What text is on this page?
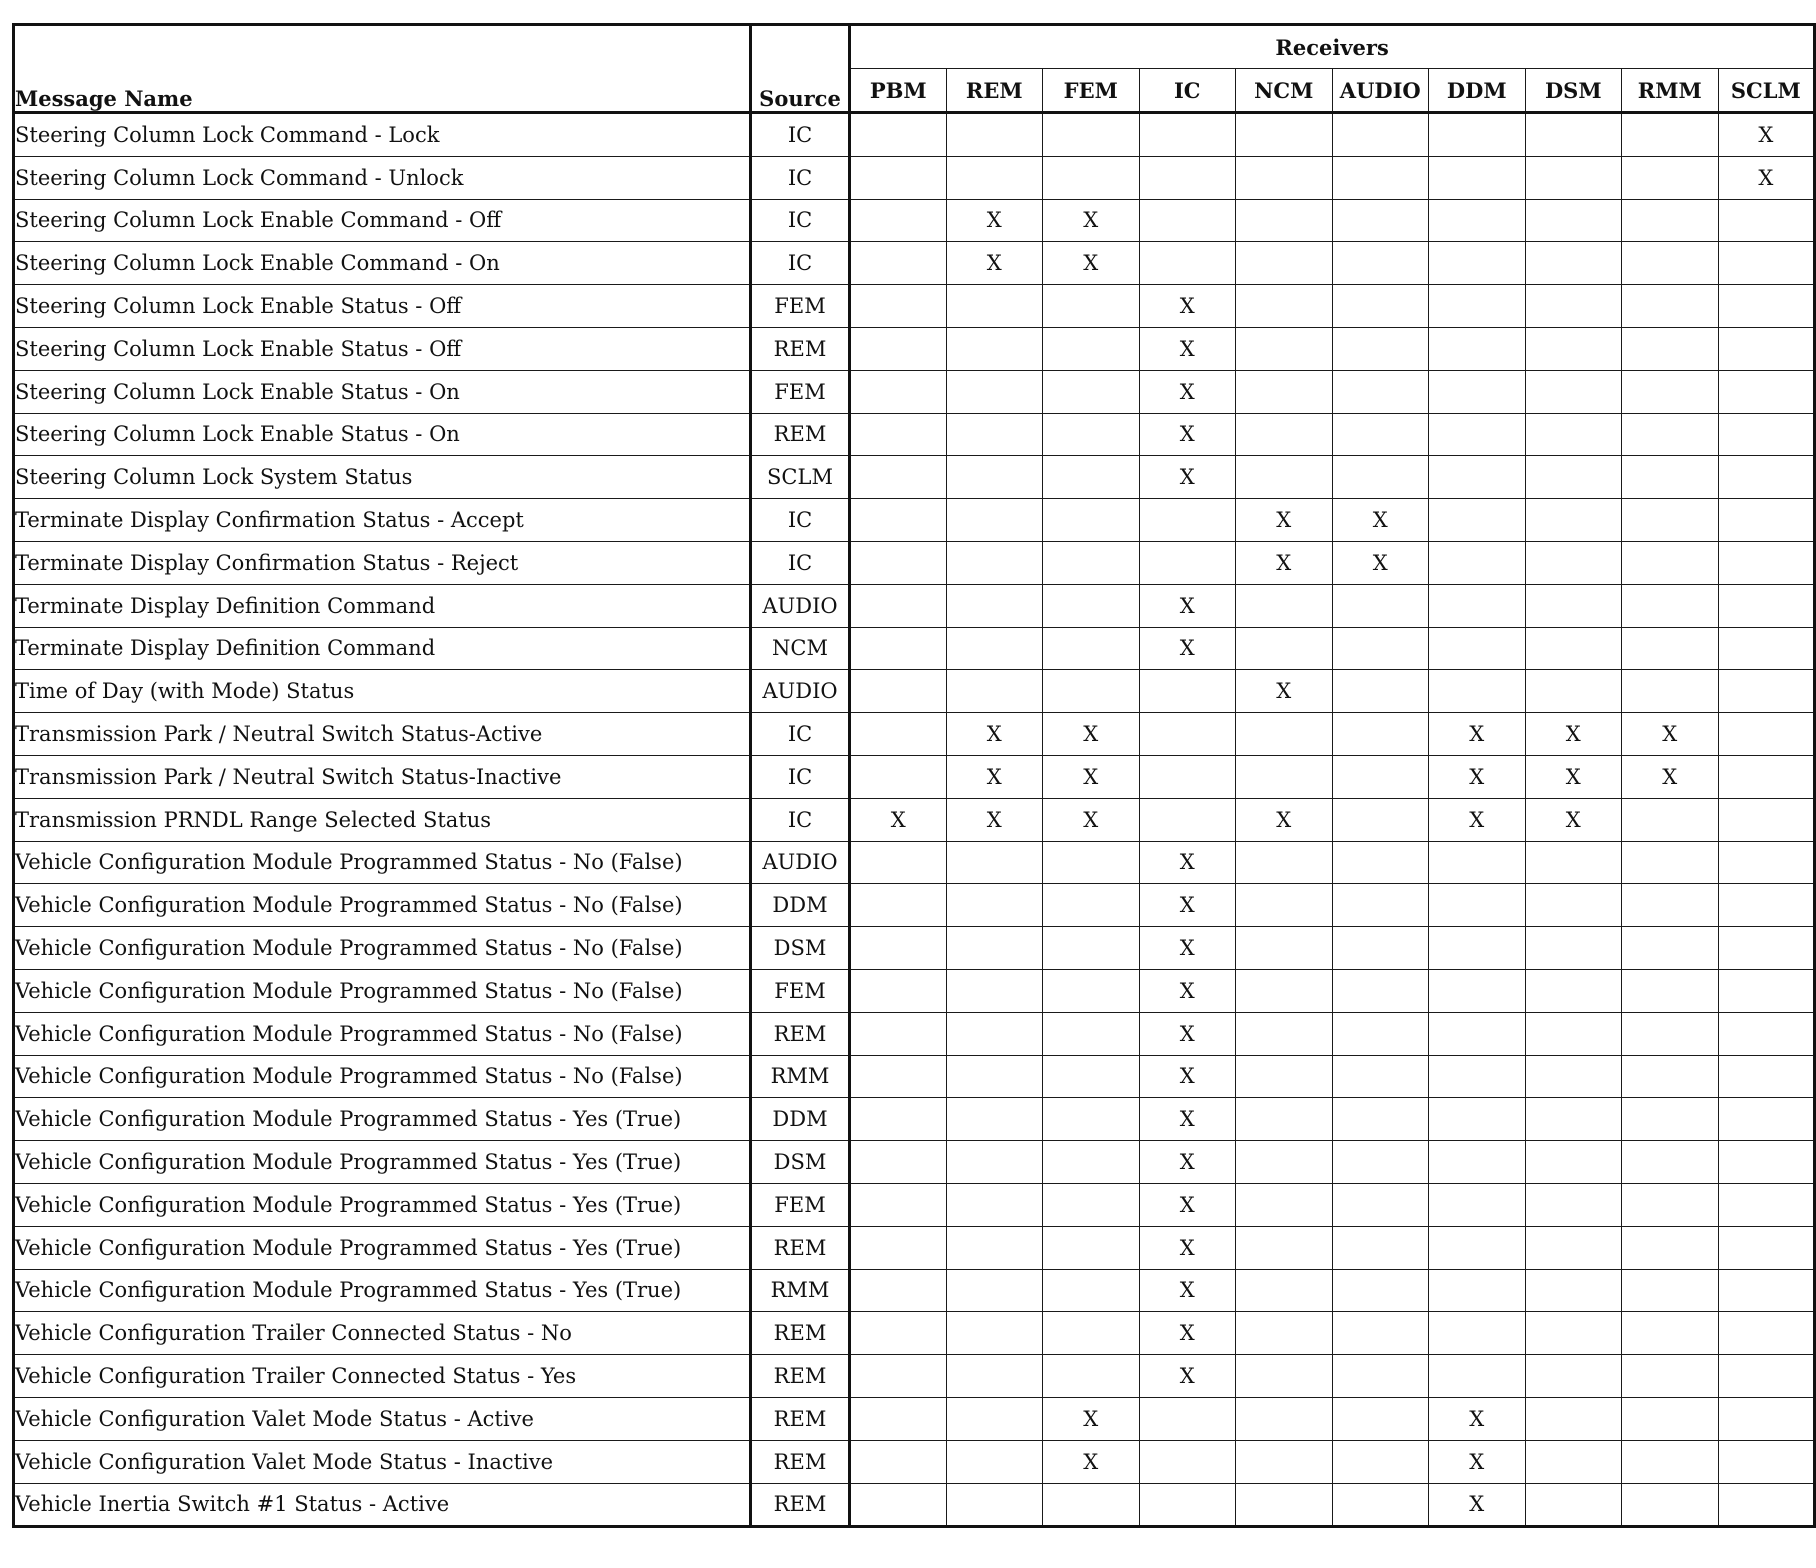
Message Name	Source	Receivers									
		PBM	REM	FEM	IC	NCM	AUDIO	DDM	DSM	RMM	SCLM
Steering Column Lock Command - Lock	IC										X
Steering Column Lock Command - Unlock	IC										X
Steering Column Lock Enable Command - Off	IC		X	X							
Steering Column Lock Enable Command - On	IC		X	X							
Steering Column Lock Enable Status - Off	FEM				X						
Steering Column Lock Enable Status - Off	REM				X						
Steering Column Lock Enable Status - On	FEM				X						
Steering Column Lock Enable Status - On	REM				X						
Steering Column Lock System Status	SCLM				X						
Terminate Display Confirmation Status - Accept	IC					X	X				
Terminate Display Confirmation Status - Reject	IC					X	X				
Terminate Display Definition Command	AUDIO				X						
Terminate Display Definition Command	NCM				X						
Time of Day (with Mode) Status	AUDIO					X					
Transmission Park / Neutral Switch Status-Active	IC		X	X				X	X	X	
Transmission Park / Neutral Switch Status-Inactive	IC		X	X				X	X	X	
Transmission PRNDL Range Selected Status	IC	X	X	X		X		X	X		
Vehicle Configuration Module Programmed Status - No (False)	AUDIO				X						
Vehicle Configuration Module Programmed Status - No (False)	DDM				X						
Vehicle Configuration Module Programmed Status - No (False)	DSM				X						
Vehicle Configuration Module Programmed Status - No (False)	FEM				X						
Vehicle Configuration Module Programmed Status - No (False)	REM				X						
Vehicle Configuration Module Programmed Status - No (False)	RMM				X						
Vehicle Configuration Module Programmed Status - Yes (True)	DDM				X						
Vehicle Configuration Module Programmed Status - Yes (True)	DSM				X						
Vehicle Configuration Module Programmed Status - Yes (True)	FEM				X						
Vehicle Configuration Module Programmed Status - Yes (True)	REM				X						
Vehicle Configuration Module Programmed Status - Yes (True)	RMM				X						
Vehicle Configuration Trailer Connected Status - No	REM				X						
Vehicle Configuration Trailer Connected Status - Yes	REM				X						
Vehicle Configuration Valet Mode Status - Active	REM			X				X			
Vehicle Configuration Valet Mode Status - Inactive	REM			X				X			
Vehicle Inertia Switch #1 Status - Active	REM							X			
